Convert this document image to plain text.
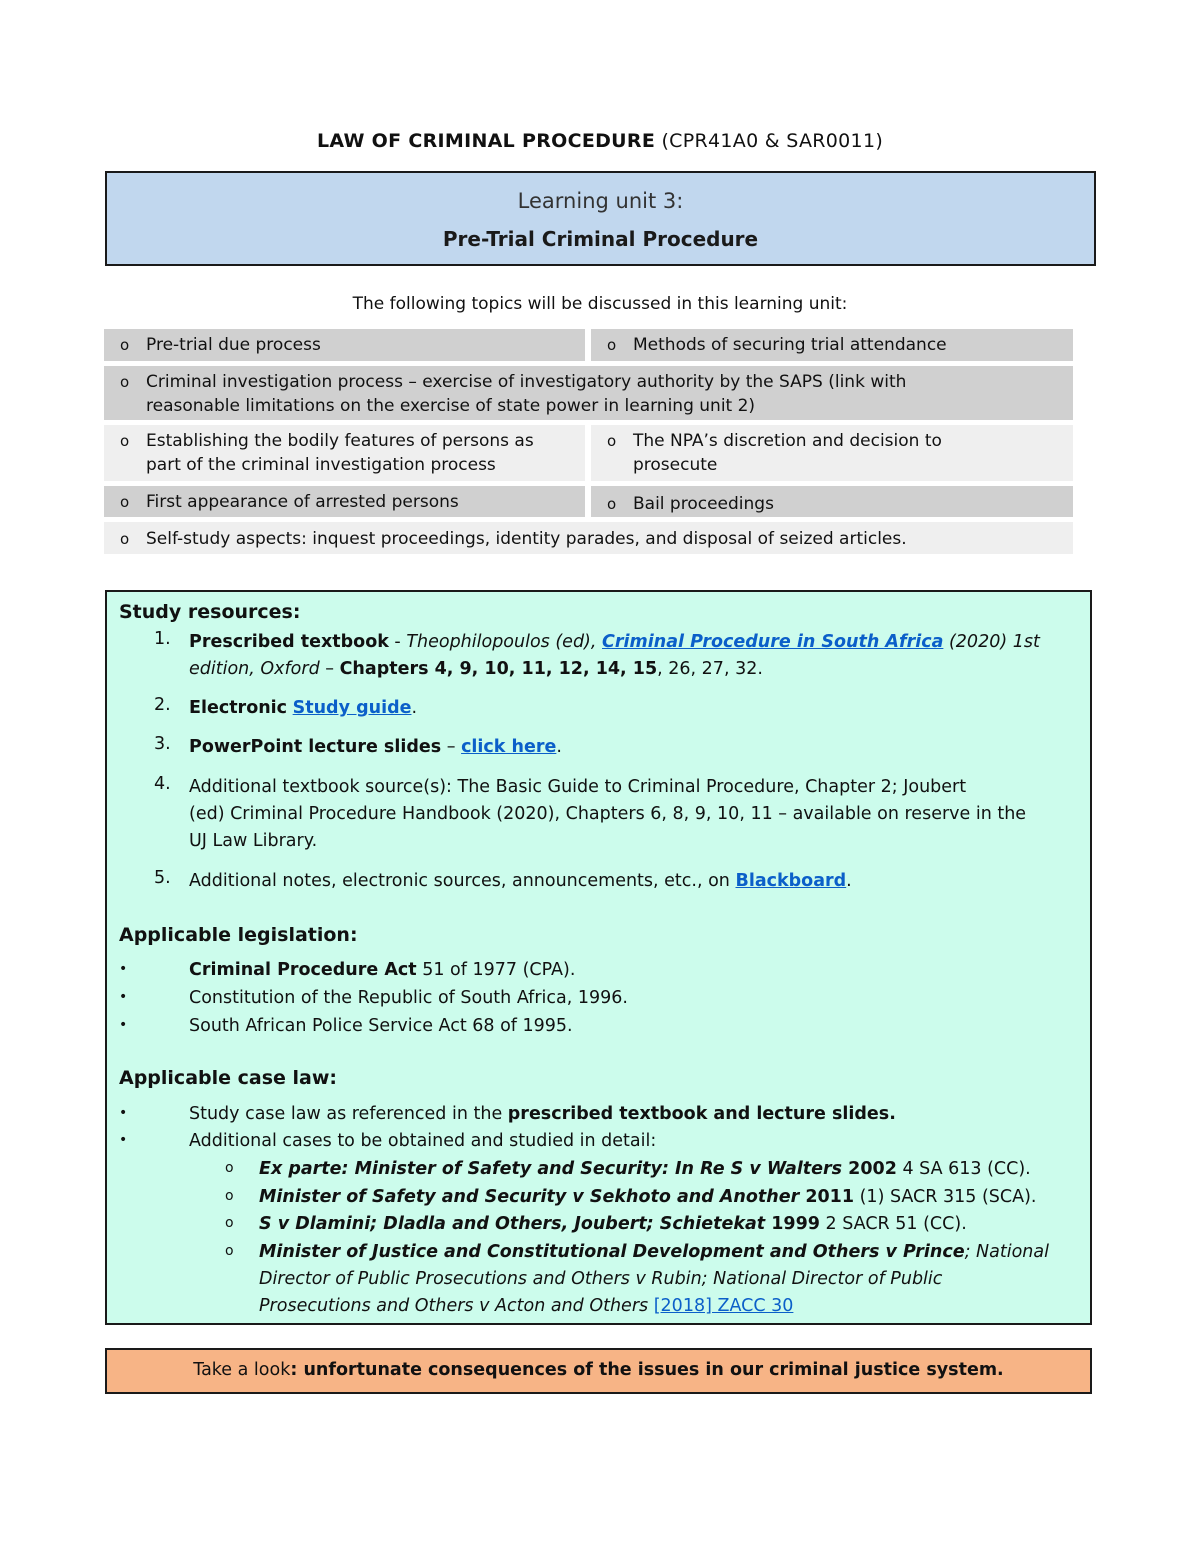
LAW OF CRIMINAL PROCEDURE (CPR41A0 & SAR0011)
Learning unit 3:
Pre-Trial Criminal Procedure
The following topics will be discussed in this learning unit:
o Pre-trial due process	o Methods of securing trial attendance
o Criminal investigation process – exercise of investigatory authority by the SAPS (link with
reasonable limitations on the exercise of state power in learning unit 2)
o Establishing the bodily features of persons as
part of the criminal investigation process
o The NPA’s discretion and decision to
prosecute
o First appearance of arrested persons	o Bail proceedings
o Self-study aspects: inquest proceedings, identity parades, and disposal of seized articles.
Study resources:
1. Prescribed textbook - Theophilopoulos (ed), Criminal Procedure in South Africa (2020) 1st
edition, Oxford – Chapters 4, 9, 10, 11, 12, 14, 15, 26, 27, 32.
2. Electronic Study guide.
3. PowerPoint lecture slides – click here.
4. Additional textbook source(s): The Basic Guide to Criminal Procedure, Chapter 2; Joubert
(ed) Criminal Procedure Handbook (2020), Chapters 6, 8, 9, 10, 11 – available on reserve in the
UJ Law Library.
5. Additional notes, electronic sources, announcements, etc., on Blackboard.
Applicable legislation:
•	Criminal Procedure Act 51 of 1977 (CPA).
•	Constitution of the Republic of South Africa, 1996.
•	South African Police Service Act 68 of 1995.
Applicable case law:
•	Study case law as referenced in the prescribed textbook and lecture slides.
•	Additional cases to be obtained and studied in detail:
o Ex parte: Minister of Safety and Security: In Re S v Walters 2002 4 SA 613 (CC).
o Minister of Safety and Security v Sekhoto and Another 2011 (1) SACR 315 (SCA).
o S v Dlamini; Dladla and Others, Joubert; Schietekat 1999 2 SACR 51 (CC).
o Minister of Justice and Constitutional Development and Others v Prince; National
Director of Public Prosecutions and Others v Rubin; National Director of Public
Prosecutions and Others v Acton and Others [2018] ZACC 30
Take a look: unfortunate consequences of the issues in our criminal justice system.
